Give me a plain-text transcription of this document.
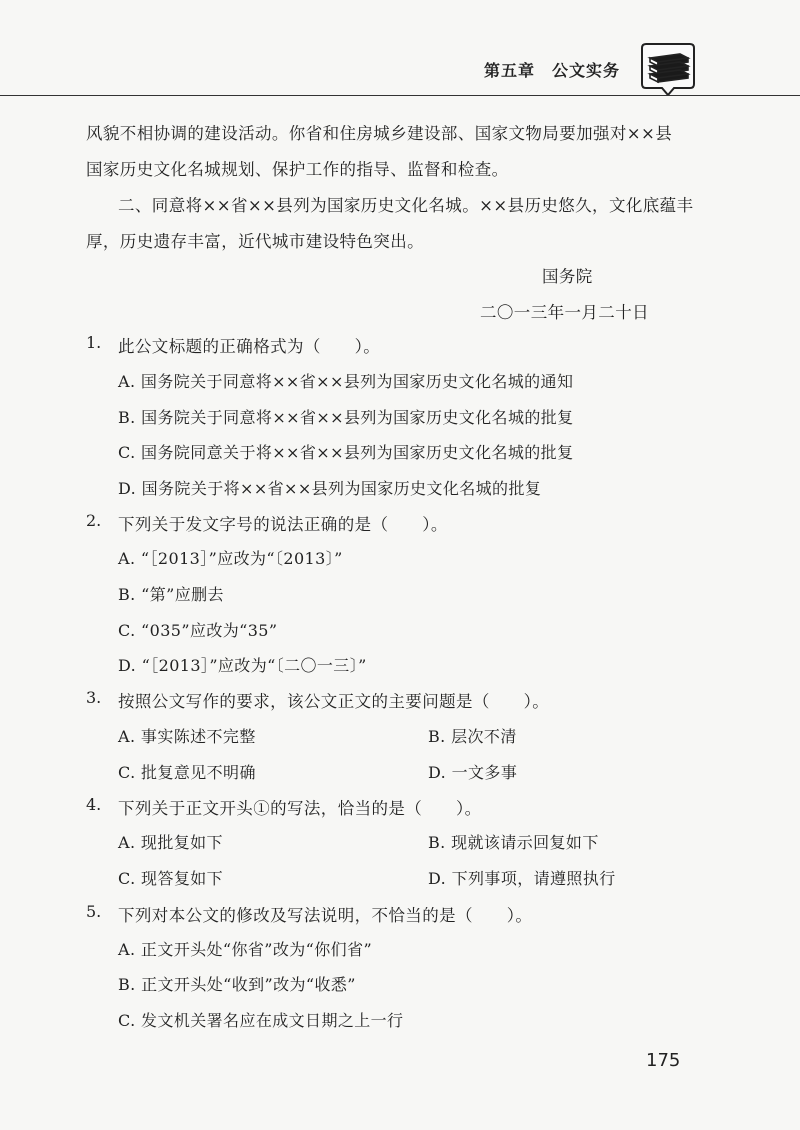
第五章　公文实务
风貌不相协调的建设活动。你省和住房城乡建设部、国家文物局要加强对××县
国家历史文化名城规划、保护工作的指导、监督和检查。
二、同意将××省××县列为国家历史文化名城。××县历史悠久，文化底蕴丰
厚，历史遗存丰富，近代城市建设特色突出。
国务院
二〇一三年一月二十日
1. 此公文标题的正确格式为（　　）。
A. 国务院关于同意将××省××县列为国家历史文化名城的通知
B. 国务院关于同意将××省××县列为国家历史文化名城的批复
C. 国务院同意关于将××省××县列为国家历史文化名城的批复
D. 国务院关于将××省××县列为国家历史文化名城的批复
2. 下列关于发文字号的说法正确的是（　　）。
A. “［2013］”应改为“〔2013〕”
B. “第”应删去
C. “035”应改为“35”
D. “［2013］”应改为“〔二〇一三〕”
3. 按照公文写作的要求，该公文正文的主要问题是（　　）。
A. 事实陈述不完整	B. 层次不清
C. 批复意见不明确	D. 一文多事
4. 下列关于正文开头①的写法，恰当的是（　　）。
A. 现批复如下	B. 现就该请示回复如下
C. 现答复如下	D. 下列事项，请遵照执行
5. 下列对本公文的修改及写法说明，不恰当的是（　　）。
A. 正文开头处“你省”改为“你们省”
B. 正文开头处“收到”改为“收悉”
C. 发文机关署名应在成文日期之上一行
175
